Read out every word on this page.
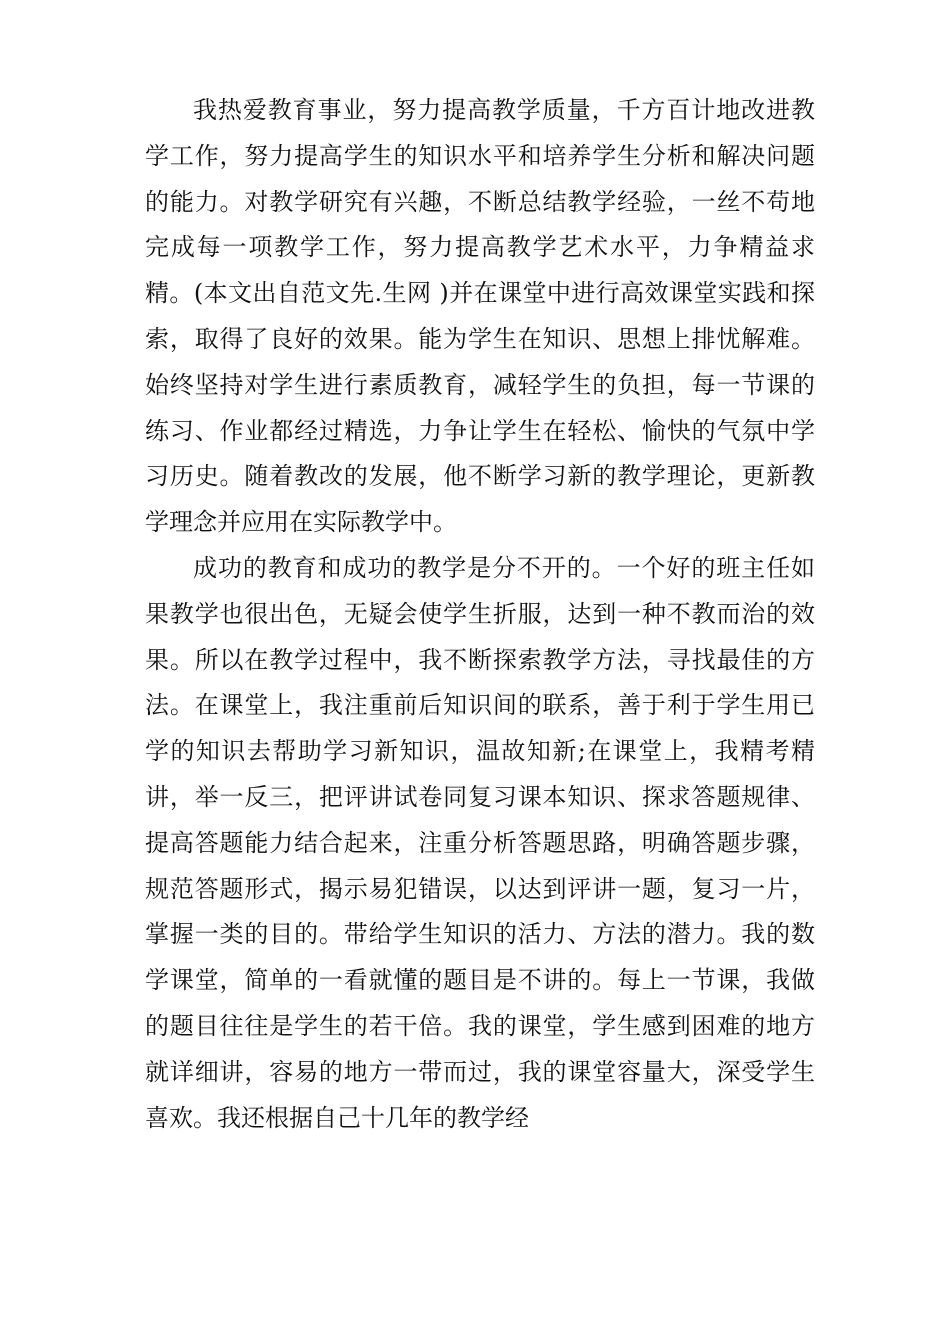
我热爱教育事业，努力提高教学质量，千方百计地改进教学工作，努力提高学生的知识水平和培养学生分析和解决问题的能力。对教学研究有兴趣，不断总结教学经验，一丝不苟地完成每一项教学工作，努力提高教学艺术水平，力争精益求精。(本文出自范文先.生网 )并在课堂中进行高效课堂实践和探索，取得了良好的效果。能为学生在知识、思想上排忧解难。始终坚持对学生进行素质教育，减轻学生的负担，每一节课的练习、作业都经过精选，力争让学生在轻松、愉快的气氛中学习历史。随着教改的发展，他不断学习新的教学理论，更新教学理念并应用在实际教学中。

成功的教育和成功的教学是分不开的。一个好的班主任如果教学也很出色，无疑会使学生折服，达到一种不教而治的效果。所以在教学过程中，我不断探索教学方法，寻找最佳的方法。在课堂上，我注重前后知识间的联系，善于利于学生用已学的知识去帮助学习新知识，温故知新;在课堂上，我精考精讲，举一反三，把评讲试卷同复习课本知识、探求答题规律、提高答题能力结合起来，注重分析答题思路，明确答题步骤，规范答题形式，揭示易犯错误，以达到评讲一题，复习一片，掌握一类的目的。带给学生知识的活力、方法的潜力。我的数学课堂，简单的一看就懂的题目是不讲的。每上一节课，我做的题目往往是学生的若干倍。我的课堂，学生感到困难的地方就详细讲，容易的地方一带而过，我的课堂容量大，深受学生喜欢。我还根据自己十几年的教学经
